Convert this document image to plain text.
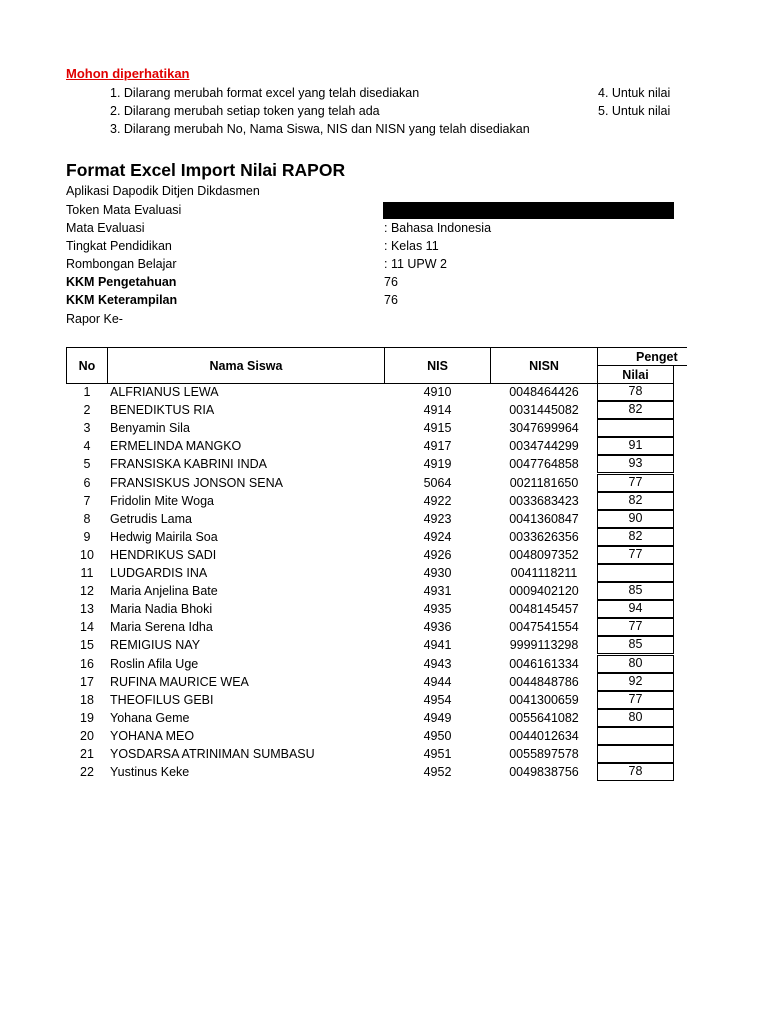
Mohon diperhatikan
1. Dilarang merubah format excel yang telah disediakan
2. Dilarang merubah setiap token yang telah ada
3. Dilarang merubah No, Nama Siswa, NIS dan NISN yang telah disediakan
4. Untuk nilai
5. Untuk nilai
Format Excel Import Nilai RAPOR
Aplikasi Dapodik Ditjen Dikdasmen
Token Mata Evaluasi
Mata Evaluasi	: Bahasa Indonesia
Tingkat Pendidikan	: Kelas 11
Rombongan Belajar	: 11 UPW 2
KKM Pengetahuan	76
KKM Keterampilan	76
Rapor Ke-
No	Nama Siswa	NIS	NISN
Penget
Nilai
1	ALFRIANUS LEWA	4910	0048464426	78
2	BENEDIKTUS RIA	4914	0031445082	82
3	Benyamin Sila	4915	3047699964
4	ERMELINDA MANGKO	4917	0034744299	91
5	FRANSISKA KABRINI INDA	4919	0047764858	93
6	FRANSISKUS JONSON SENA	5064	0021181650	77
7	Fridolin Mite Woga	4922	0033683423	82
8	Getrudis Lama	4923	0041360847	90
9	Hedwig Mairila Soa	4924	0033626356	82
10	HENDRIKUS SADI	4926	0048097352	77
11	LUDGARDIS INA	4930	0041118211
12	Maria Anjelina Bate	4931	0009402120	85
13	Maria Nadia Bhoki	4935	0048145457	94
14	Maria Serena Idha	4936	0047541554	77
15	REMIGIUS NAY	4941	9999113298	85
16	Roslin Afila Uge	4943	0046161334	80
17	RUFINA MAURICE WEA	4944	0044848786	92
18	THEOFILUS GEBI	4954	0041300659	77
19	Yohana Geme	4949	0055641082	80
20	YOHANA MEO	4950	0044012634
21	YOSDARSA ATRINIMAN SUMBASU	4951	0055897578
22	Yustinus Keke	4952	0049838756	78
